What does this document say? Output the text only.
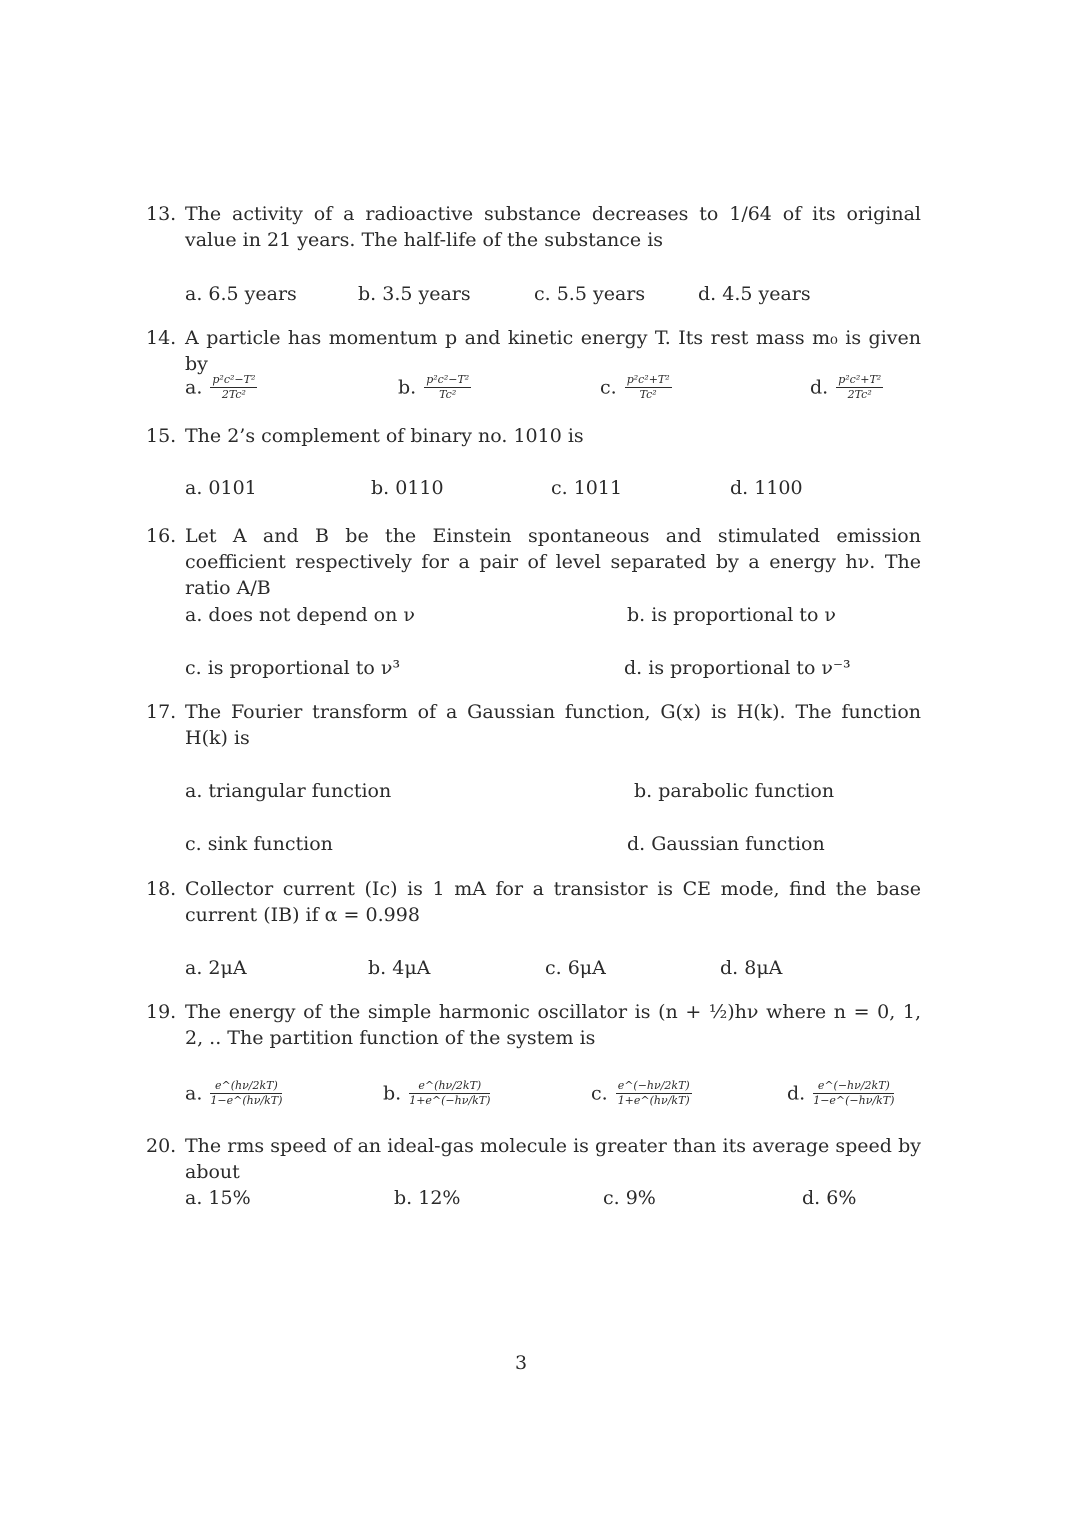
13. The activity of a radioactive substance decreases to 1/64 of its original value in 21 years. The half-life of the substance is
a. 6.5 years	b. 3.5 years	c. 5.5 years	d. 4.5 years
14. A particle has momentum p and kinetic energy T. Its rest mass m₀ is given by
a. $\frac{\text{p²c²−T²}}{\text{2Tc²}}$	b. $\frac{\text{p²c²−T²}}{\text{Tc²}}$	c. $\frac{\text{p²c²+T²}}{\text{Tc²}}$	d. $\frac{\text{p²c²+T²}}{\text{2Tc²}}$
15. The 2’s complement of binary no. 1010 is
a. 0101	b. 0110	c. 1011	d. 1100
16. Let A and B be the Einstein spontaneous and stimulated emission coefficient respectively for a pair of level separated by a energy hν. The ratio A/B
a. does not depend on ν	b. is proportional to ν
c. is proportional to ν³	d. is proportional to ν⁻³
17. The Fourier transform of a Gaussian function, G(x) is H(k). The function H(k) is
a. triangular function	b. parabolic function
c. sink function	d. Gaussian function
18. Collector current (Ic) is 1 mA for a transistor is CE mode, find the base current (IB) if α = 0.998
a. 2μA	b. 4μA	c. 6μA	d. 8μA
19. The energy of the simple harmonic oscillator is (n + ½)hν where n = 0, 1, 2, .. The partition function of the system is
a. $\frac{e\^{}(h\nu/2kT)}{1-e\^{}(h\nu/kT)}$	b. $\frac{e\^{}(h\nu/2kT)}{1+e\^{}(-h\nu/kT)}$	c. $\frac{e\^{}(-h\nu/2kT)}{1+e\^{}(h\nu/kT)}$	d. $\frac{e\^{}(-h\nu/2kT)}{1-e\^{}(-h\nu/kT)}$
20. The rms speed of an ideal-gas molecule is greater than its average speed by about
a. 15%	b. 12%	c. 9%	d. 6%
3
